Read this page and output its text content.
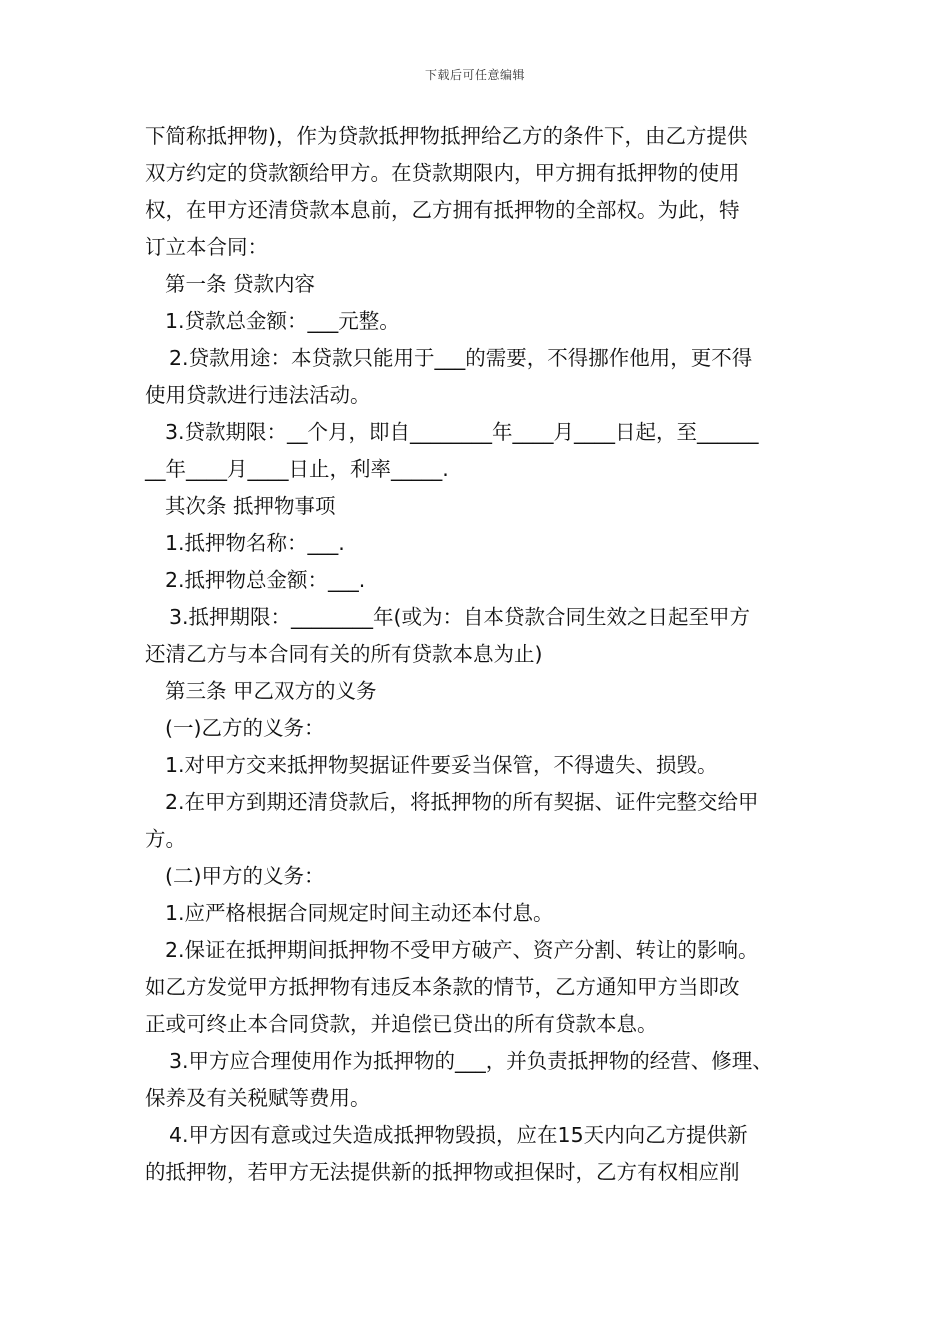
下载后可任意编辑
下简称抵押物)，作为贷款抵押物抵押给乙方的条件下，由乙方提供
双方约定的贷款额给甲方。在贷款期限内，甲方拥有抵押物的使用
权，在甲方还清贷款本息前，乙方拥有抵押物的全部权。为此，特
订立本合同：
第一条 贷款内容
1.贷款总金额：___元整。
2.贷款用途：本贷款只能用于___的需要，不得挪作他用，更不得
使用贷款进行违法活动。
3.贷款期限：__个月，即自________年____月____日起，至______
__年____月____日止，利率_____.
其次条 抵押物事项
1.抵押物名称：___.
2.抵押物总金额：___.
3.抵押期限：________年(或为：自本贷款合同生效之日起至甲方
还清乙方与本合同有关的所有贷款本息为止)
第三条 甲乙双方的义务
(一)乙方的义务：
1.对甲方交来抵押物契据证件要妥当保管，不得遗失、损毁。
2.在甲方到期还清贷款后，将抵押物的所有契据、证件完整交给甲
方。
(二)甲方的义务：
1.应严格根据合同规定时间主动还本付息。
2.保证在抵押期间抵押物不受甲方破产、资产分割、转让的影响。
如乙方发觉甲方抵押物有违反本条款的情节，乙方通知甲方当即改
正或可终止本合同贷款，并追偿已贷出的所有贷款本息。
3.甲方应合理使用作为抵押物的___，并负责抵押物的经营、修理、
保养及有关税赋等费用。
4.甲方因有意或过失造成抵押物毁损，应在15天内向乙方提供新
的抵押物，若甲方无法提供新的抵押物或担保时，乙方有权相应削
